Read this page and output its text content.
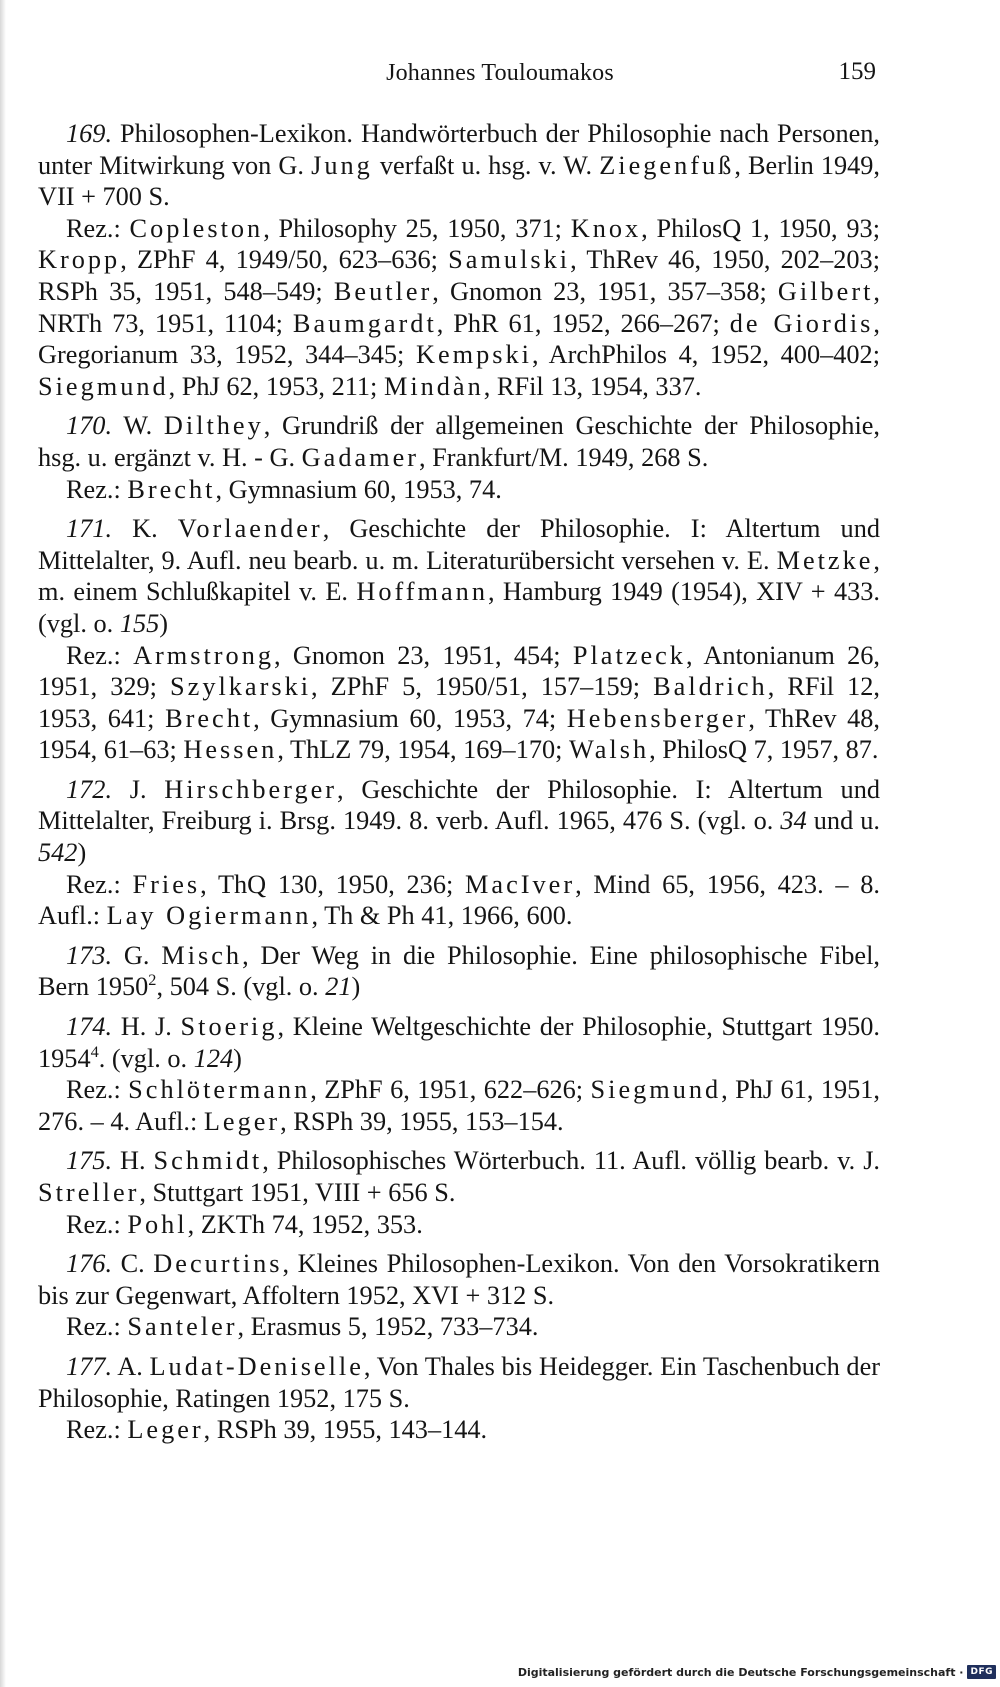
Johannes Touloumakos	159

169. Philosophen-Lexikon. Handwörterbuch der Philosophie nach Personen, unter Mitwirkung von G. Jung verfaßt u. hsg. v. W. Ziegenfuß, Berlin 1949, VII + 700 S.

Rez.: Copleston, Philosophy 25, 1950, 371; Knox, PhilosQ 1, 1950, 93; Kropp, ZPhF 4, 1949/50, 623–636; Samulski, ThRev 46, 1950, 202–203; RSPh 35, 1951, 548–549; Beutler, Gnomon 23, 1951, 357–358; Gilbert, NRTh 73, 1951, 1104; Baumgardt, PhR 61, 1952, 266–267; de Giordis, Gregorianum 33, 1952, 344–345; Kempski, ArchPhilos 4, 1952, 400–402; Siegmund, PhJ 62, 1953, 211; Mindàn, RFil 13, 1954, 337.

170. W. Dilthey, Grundriß der allgemeinen Geschichte der Philosophie, hsg. u. ergänzt v. H. - G. Gadamer, Frankfurt/M. 1949, 268 S.

Rez.: Brecht, Gymnasium 60, 1953, 74.

171. K. Vorlaender, Geschichte der Philosophie. I: Altertum und Mittelalter, 9. Aufl. neu bearb. u. m. Literaturübersicht versehen v. E. Metzke, m. einem Schlußkapitel v. E. Hoffmann, Hamburg 1949 (1954), XIV + 433. (vgl. o. 155)

Rez.: Armstrong, Gnomon 23, 1951, 454; Platzeck, Antonianum 26, 1951, 329; Szylkarski, ZPhF 5, 1950/51, 157–159; Baldrich, RFil 12, 1953, 641; Brecht, Gymnasium 60, 1953, 74; Hebensberger, ThRev 48, 1954, 61–63; Hessen, ThLZ 79, 1954, 169–170; Walsh, PhilosQ 7, 1957, 87.

172. J. Hirschberger, Geschichte der Philosophie. I: Altertum und Mittelalter, Freiburg i. Brsg. 1949. 8. verb. Aufl. 1965, 476 S. (vgl. o. 34 und u. 542)

Rez.: Fries, ThQ 130, 1950, 236; MacIver, Mind 65, 1956, 423. – 8. Aufl.: Lay Ogiermann, Th & Ph 41, 1966, 600.

173. G. Misch, Der Weg in die Philosophie. Eine philosophische Fibel, Bern 1950$^2$, 504 S. (vgl. o. 21)

174. H. J. Stoerig, Kleine Weltgeschichte der Philosophie, Stuttgart 1950. 1954$^4$. (vgl. o. 124)

Rez.: Schlötermann, ZPhF 6, 1951, 622–626; Siegmund, PhJ 61, 1951, 276. – 4. Aufl.: Leger, RSPh 39, 1955, 153–154.

175. H. Schmidt, Philosophisches Wörterbuch. 11. Aufl. völlig bearb. v. J. Streller, Stuttgart 1951, VIII + 656 S.

Rez.: Pohl, ZKTh 74, 1952, 353.

176. C. Decurtins, Kleines Philosophen-Lexikon. Von den Vorsokratikern bis zur Gegenwart, Affoltern 1952, XVI + 312 S.

Rez.: Santeler, Erasmus 5, 1952, 733–734.

177. A. Ludat-Deniselle, Von Thales bis Heidegger. Ein Taschenbuch der Philosophie, Ratingen 1952, 175 S.

Rez.: Leger, RSPh 39, 1955, 143–144.

Digitalisierung gefördert durch die Deutsche Forschungsgemeinschaft · DFG
